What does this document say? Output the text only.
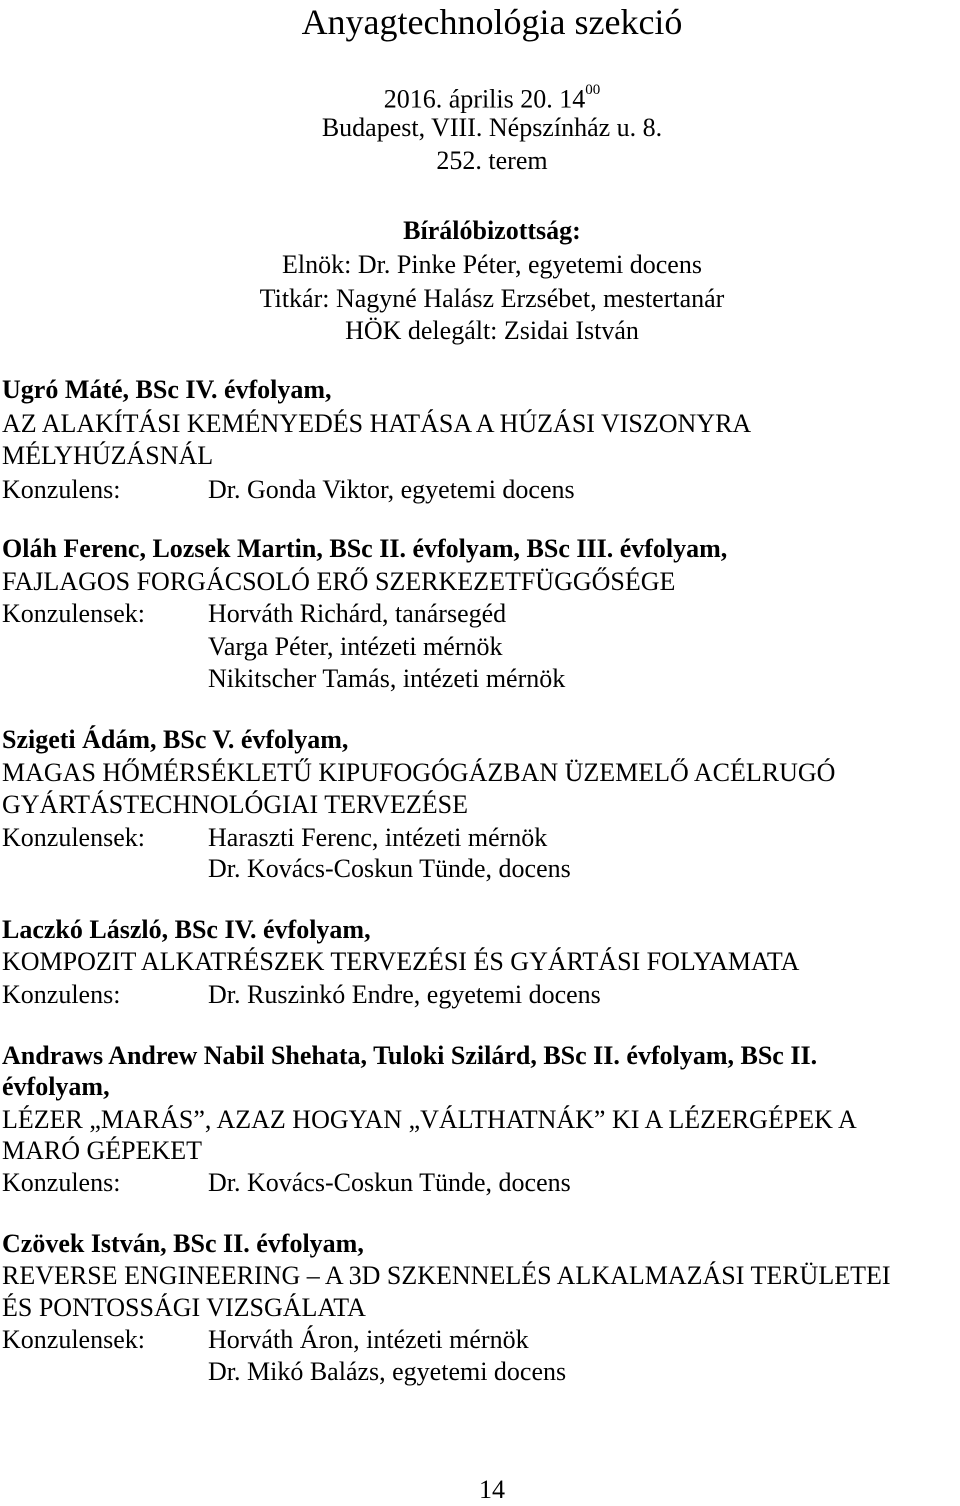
Anyagtechnológia szekció
2016. április 20. $14^{00}$
Budapest, VIII. Népszínház u. 8.
252. terem
Bírálóbizottság:
Elnök: Dr. Pinke Péter, egyetemi docens
Titkár: Nagyné Halász Erzsébet, mestertanár
HÖK delegált: Zsidai István
Ugró Máté, BSc IV. évfolyam,
AZ ALAKÍTÁSI KEMÉNYEDÉS HATÁSA A HÚZÁSI VISZONYRA
MÉLYHÚZÁSNÁL
Konzulens:	Dr. Gonda Viktor, egyetemi docens
Oláh Ferenc, Lozsek Martin, BSc II. évfolyam, BSc III. évfolyam,
FAJLAGOS FORGÁCSOLÓ ERŐ SZERKEZETFÜGGŐSÉGE
Konzulensek: Horváth Richárd, tanársegéd
Varga Péter, intézeti mérnök
Nikitscher Tamás, intézeti mérnök
Szigeti Ádám, BSc V. évfolyam,
MAGAS HŐMÉRSÉKLETŰ KIPUFOGÓGÁZBAN ÜZEMELŐ ACÉLRUGÓ
GYÁRTÁSTECHNOLÓGIAI TERVEZÉSE
Konzulensek: Haraszti Ferenc, intézeti mérnök
Dr. Kovács-Coskun Tünde, docens
Laczkó László, BSc IV. évfolyam,
KOMPOZIT ALKATRÉSZEK TERVEZÉSI ÉS GYÁRTÁSI FOLYAMATA
Konzulens:	Dr. Ruszinkó Endre, egyetemi docens
Andraws Andrew Nabil Shehata, Tuloki Szilárd, BSc II. évfolyam, BSc II.
évfolyam,
LÉZER „MARÁS”, AZAZ HOGYAN „VÁLTHATNÁK” KI A LÉZERGÉPEK A
MARÓ GÉPEKET
Konzulens:	Dr. Kovács-Coskun Tünde, docens
Czövek István, BSc II. évfolyam,
REVERSE ENGINEERING – A 3D SZKENNELÉS ALKALMAZÁSI TERÜLETEI
ÉS PONTOSSÁGI VIZSGÁLATA
Konzulensek: Horváth Áron, intézeti mérnök
Dr. Mikó Balázs, egyetemi docens
14
